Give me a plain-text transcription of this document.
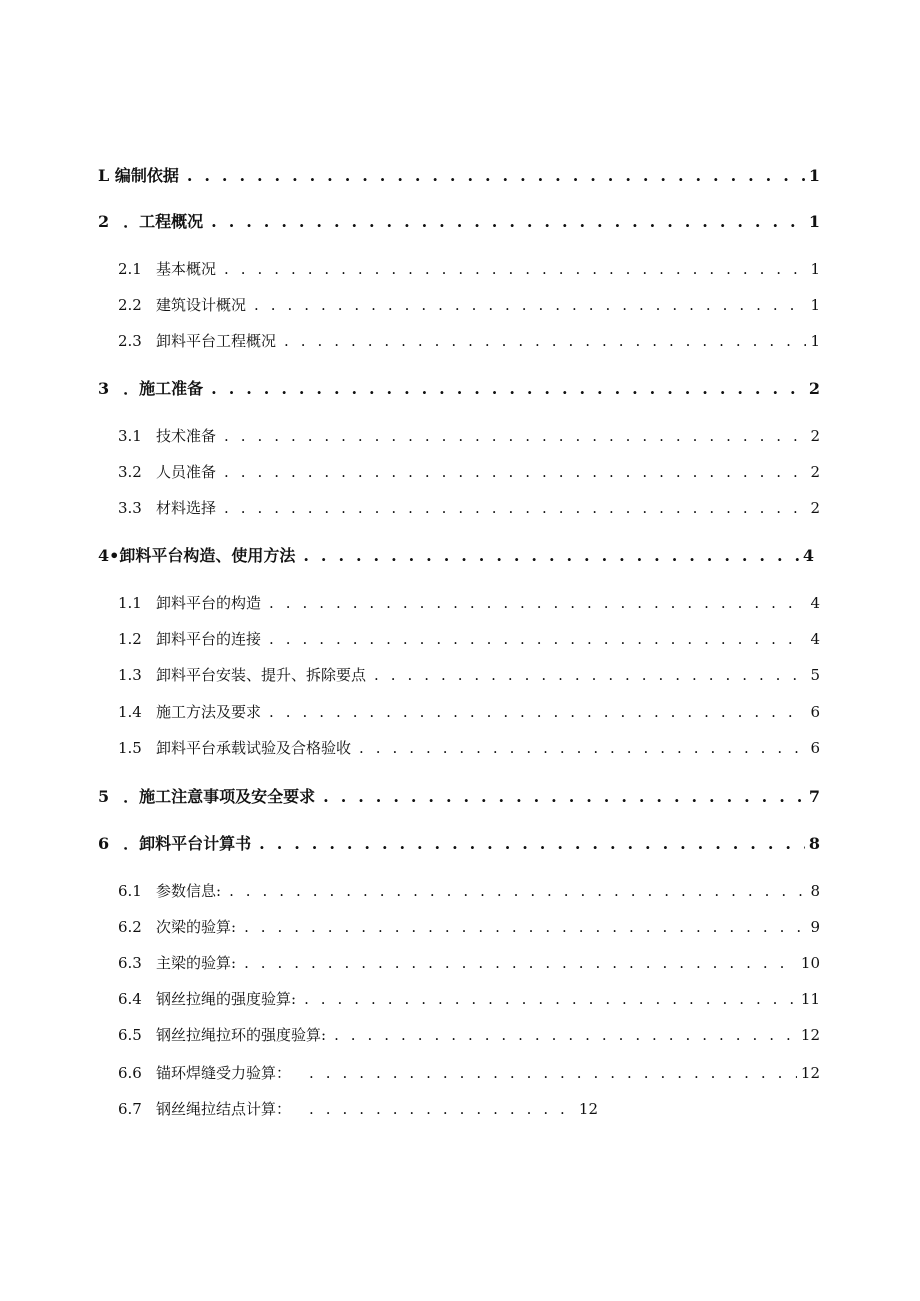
L 编制依据 . . .	1
2 ．工程概况 . . .	1
2.1 基本概况 . . .	1
2.2 建筑设计概况 . . .	1
2.3 卸料平台工程概况 . . .	1
3 ．施工准备 . . .	2
3.1 技术准备 . . .	2
3.2 人员准备 . . .	2
3.3 材料选择 . . .	2
4•卸料平台构造、使用方法 . . .	4
1.1 卸料平台的构造 . . .	4
1.2 卸料平台的连接 . . .	4
1.3 卸料平台安装、提升、拆除要点 . . .	5
1.4 施工方法及要求 . . .	6
1.5 卸料平台承载试验及合格验收 . . .	6
5 ．施工注意事项及安全要求 . . .	7
6 ．卸料平台计算书 . . .	8
6.1 参数信息: . . .	8
6.2 次梁的验算: . . .	9
6.3 主梁的验算: . . .	10
6.4 钢丝拉绳的强度验算: . . .	11
6.5 钢丝拉绳拉环的强度验算: . . .	12
6.6 锚环焊缝受力验算： . . .	12
6.7 钢丝绳拉结点计算： . . .	12
